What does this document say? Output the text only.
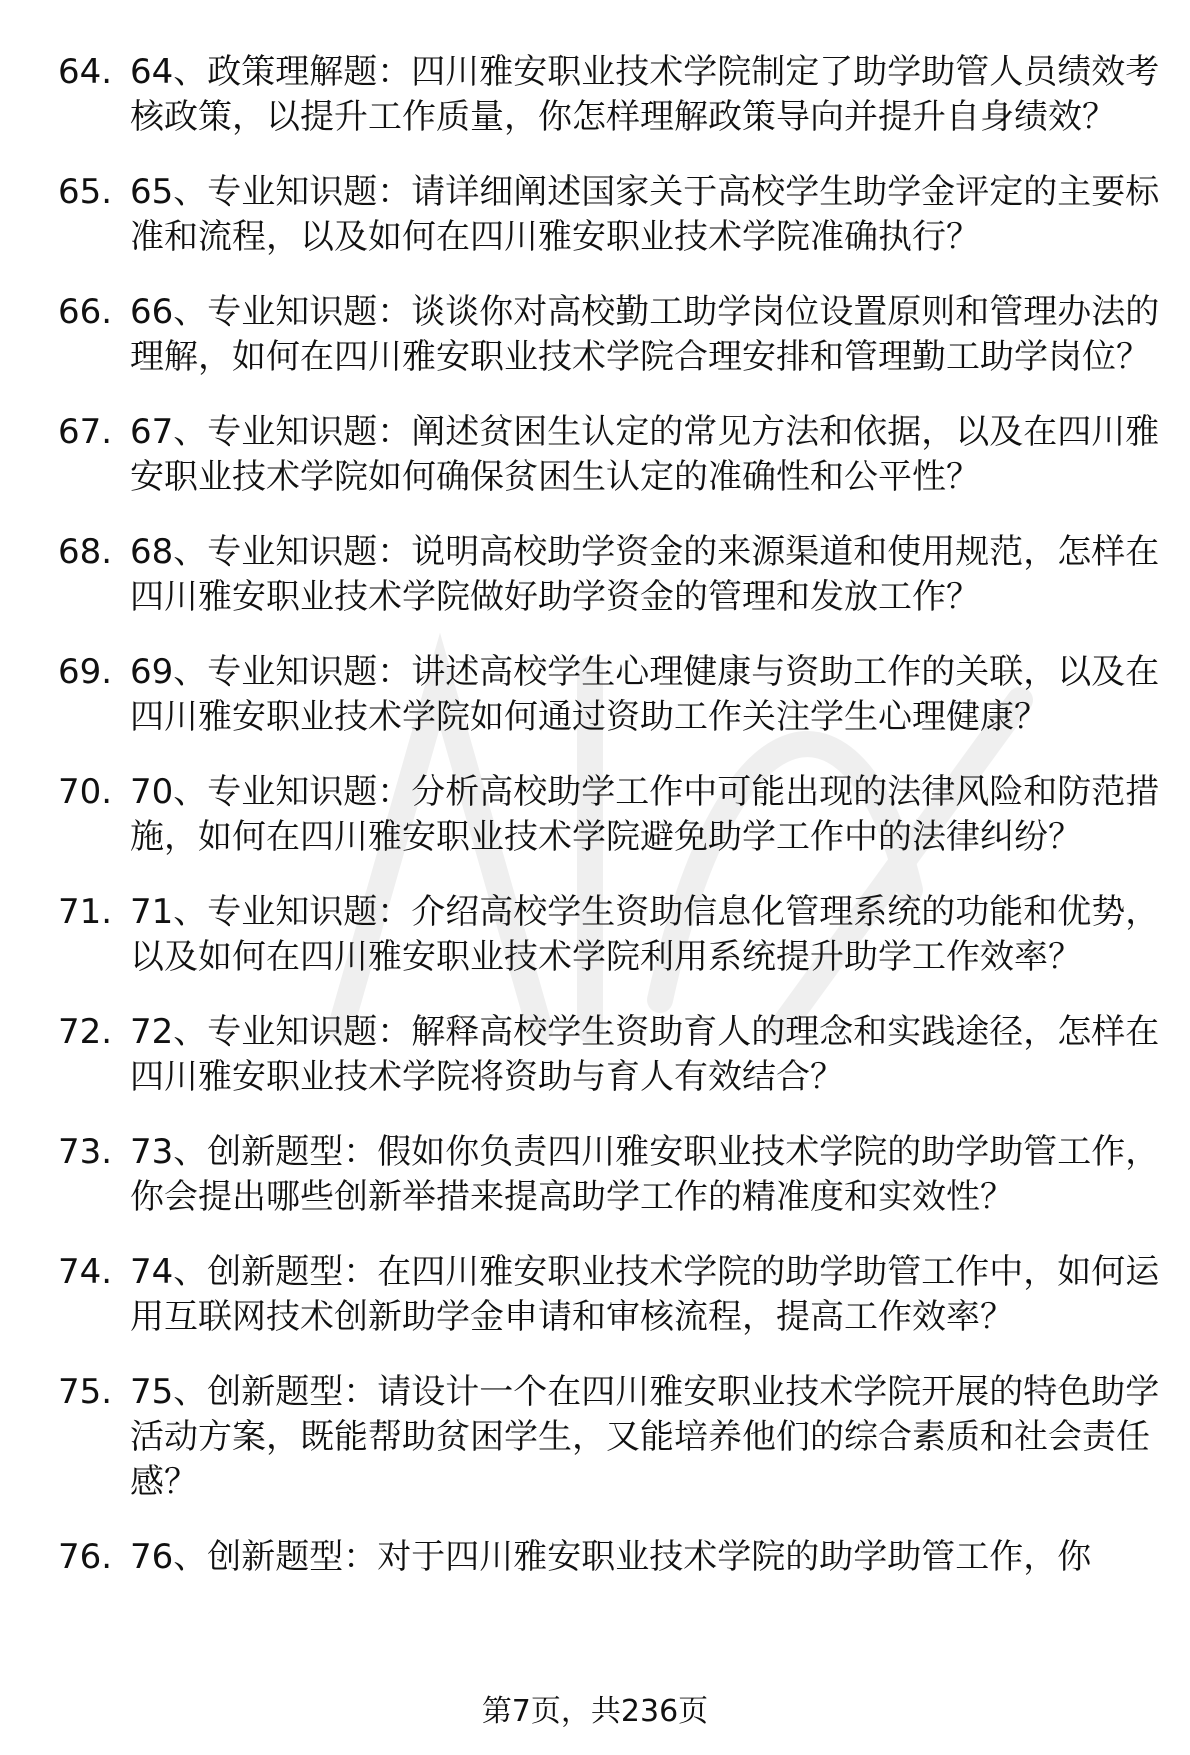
64. 64、政策理解题：四川雅安职业技术学院制定了助学助管人员绩效考核政策，以提升工作质量，你怎样理解政策导向并提升自身绩效？
65. 65、专业知识题：请详细阐述国家关于高校学生助学金评定的主要标准和流程，以及如何在四川雅安职业技术学院准确执行？
66. 66、专业知识题：谈谈你对高校勤工助学岗位设置原则和管理办法的理解，如何在四川雅安职业技术学院合理安排和管理勤工助学岗位？
67. 67、专业知识题：阐述贫困生认定的常见方法和依据，以及在四川雅安职业技术学院如何确保贫困生认定的准确性和公平性？
68. 68、专业知识题：说明高校助学资金的来源渠道和使用规范，怎样在四川雅安职业技术学院做好助学资金的管理和发放工作？
69. 69、专业知识题：讲述高校学生心理健康与资助工作的关联，以及在四川雅安职业技术学院如何通过资助工作关注学生心理健康？
70. 70、专业知识题：分析高校助学工作中可能出现的法律风险和防范措施，如何在四川雅安职业技术学院避免助学工作中的法律纠纷？
71. 71、专业知识题：介绍高校学生资助信息化管理系统的功能和优势，以及如何在四川雅安职业技术学院利用系统提升助学工作效率？
72. 72、专业知识题：解释高校学生资助育人的理念和实践途径，怎样在四川雅安职业技术学院将资助与育人有效结合？
73. 73、创新题型：假如你负责四川雅安职业技术学院的助学助管工作，你会提出哪些创新举措来提高助学工作的精准度和实效性？
74. 74、创新题型：在四川雅安职业技术学院的助学助管工作中，如何运用互联网技术创新助学金申请和审核流程，提高工作效率？
75. 75、创新题型：请设计一个在四川雅安职业技术学院开展的特色助学活动方案，既能帮助贫困学生，又能培养他们的综合素质和社会责任感？
76. 76、创新题型：对于四川雅安职业技术学院的助学助管工作，你
第7页，共236页
